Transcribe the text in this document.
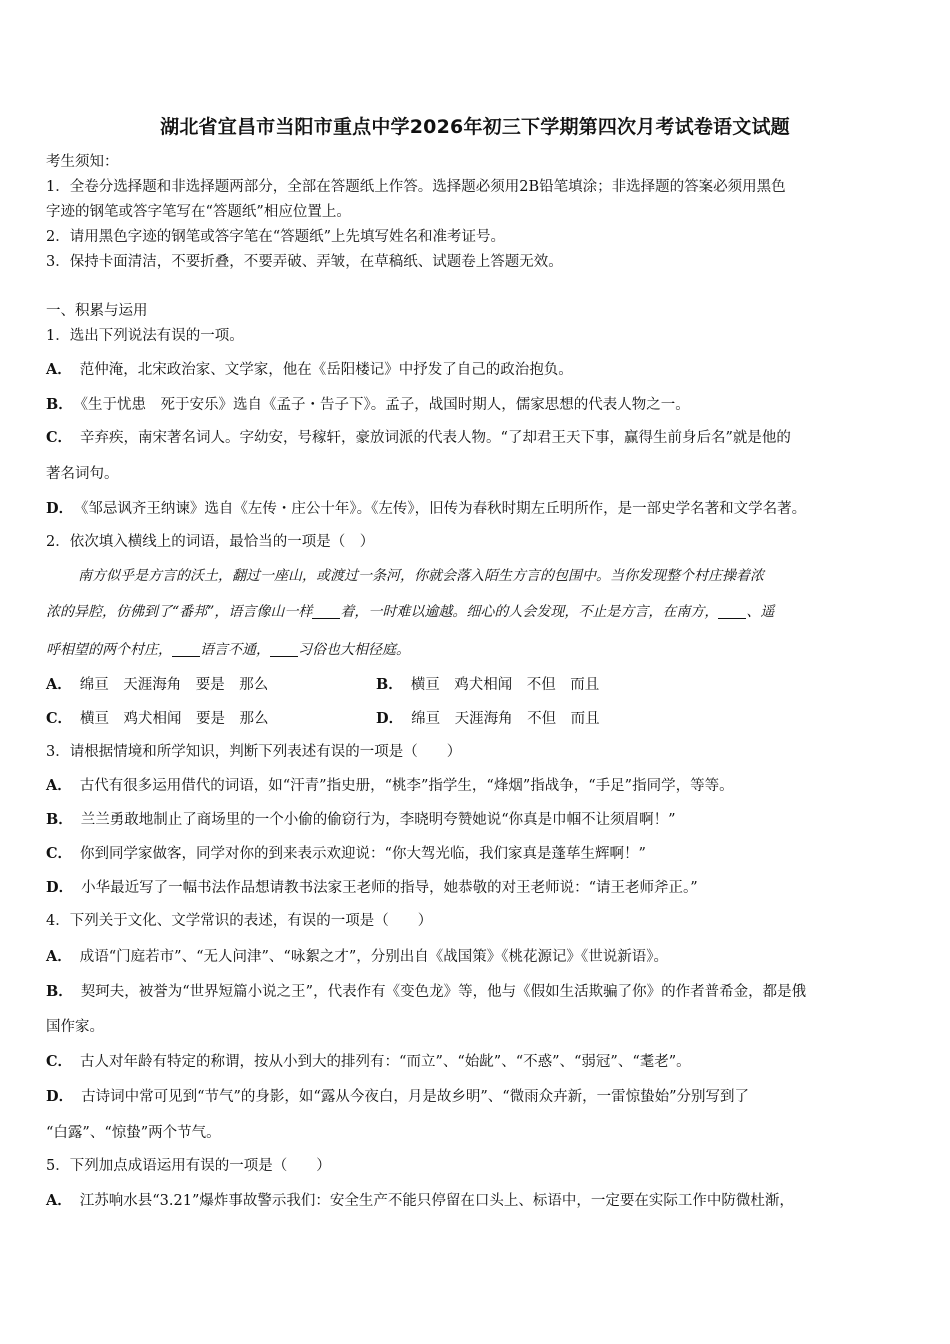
湖北省宜昌市当阳市重点中学2026年初三下学期第四次月考试卷语文试题
考生须知：
1．全卷分选择题和非选择题两部分，全部在答题纸上作答。选择题必须用2B铅笔填涂；非选择题的答案必须用黑色
字迹的钢笔或答字笔写在“答题纸”相应位置上。
2．请用黑色字迹的钢笔或答字笔在“答题纸”上先填写姓名和准考证号。
3．保持卡面清洁，不要折叠，不要弄破、弄皱，在草稿纸、试题卷上答题无效。
一、积累与运用
1．选出下列说法有误的一项。
A． 范仲淹，北宋政治家、文学家，他在《岳阳楼记》中抒发了自己的政治抱负。
B． 《生于忧患　死于安乐》选自《孟子・告子下》。孟子，战国时期人，儒家思想的代表人物之一。
C． 辛弃疾，南宋著名词人。字幼安，号稼轩，豪放词派的代表人物。“了却君王天下事，赢得生前身后名”就是他的
著名词句。
D． 《邹忌讽齐王纳谏》选自《左传・庄公十年》。《左传》，旧传为春秋时期左丘明所作，是一部史学名著和文学名著。
2．依次填入横线上的词语，最恰当的一项是（　）
南方似乎是方言的沃土，翻过一座山，或渡过一条河，你就会落入陌生方言的包围中。当你发现整个村庄操着浓
浓的异腔，仿佛到了“番邦”，语言像山一样 着，一时难以逾越。细心的人会发现，不止是方言，在南方， 、遥
呼相望的两个村庄， 语言不通， 习俗也大相径庭。
A． 绵亘　天涯海角　要是　那么	B． 横亘　鸡犬相闻　不但　而且
C． 横亘　鸡犬相闻　要是　那么	D． 绵亘　天涯海角　不但　而且
3．请根据情境和所学知识，判断下列表述有误的一项是（　　）
A． 古代有很多运用借代的词语，如“汗青”指史册，“桃李”指学生，“烽烟”指战争，“手足”指同学，等等。
B． 兰兰勇敢地制止了商场里的一个小偷的偷窃行为，李晓明夸赞她说“你真是巾帼不让须眉啊！”
C． 你到同学家做客，同学对你的到来表示欢迎说：“你大驾光临，我们家真是蓬荜生辉啊！”
D． 小华最近写了一幅书法作品想请教书法家王老师的指导，她恭敬的对王老师说：“请王老师斧正。”
4．下列关于文化、文学常识的表述，有误的一项是（　　）
A． 成语“门庭若市”、“无人问津”、“咏絮之才”，分别出自《战国策》《桃花源记》《世说新语》。
B． 契珂夫，被誉为“世界短篇小说之王”，代表作有《变色龙》等，他与《假如生活欺骗了你》的作者普希金，都是俄
国作家。
C． 古人对年龄有特定的称谓，按从小到大的排列有：“而立”、“始龀”、“不惑”、“弱冠”、“耄老”。
D． 古诗词中常可见到“节气”的身影，如“露从今夜白，月是故乡明”、“微雨众卉新，一雷惊蛰始”分别写到了
“白露”、“惊蛰”两个节气。
5．下列加点成语运用有误的一项是（　　）
A． 江苏响水县“3.21”爆炸事故警示我们：安全生产不能只停留在口头上、标语中，一定要在实际工作中防微杜渐，
